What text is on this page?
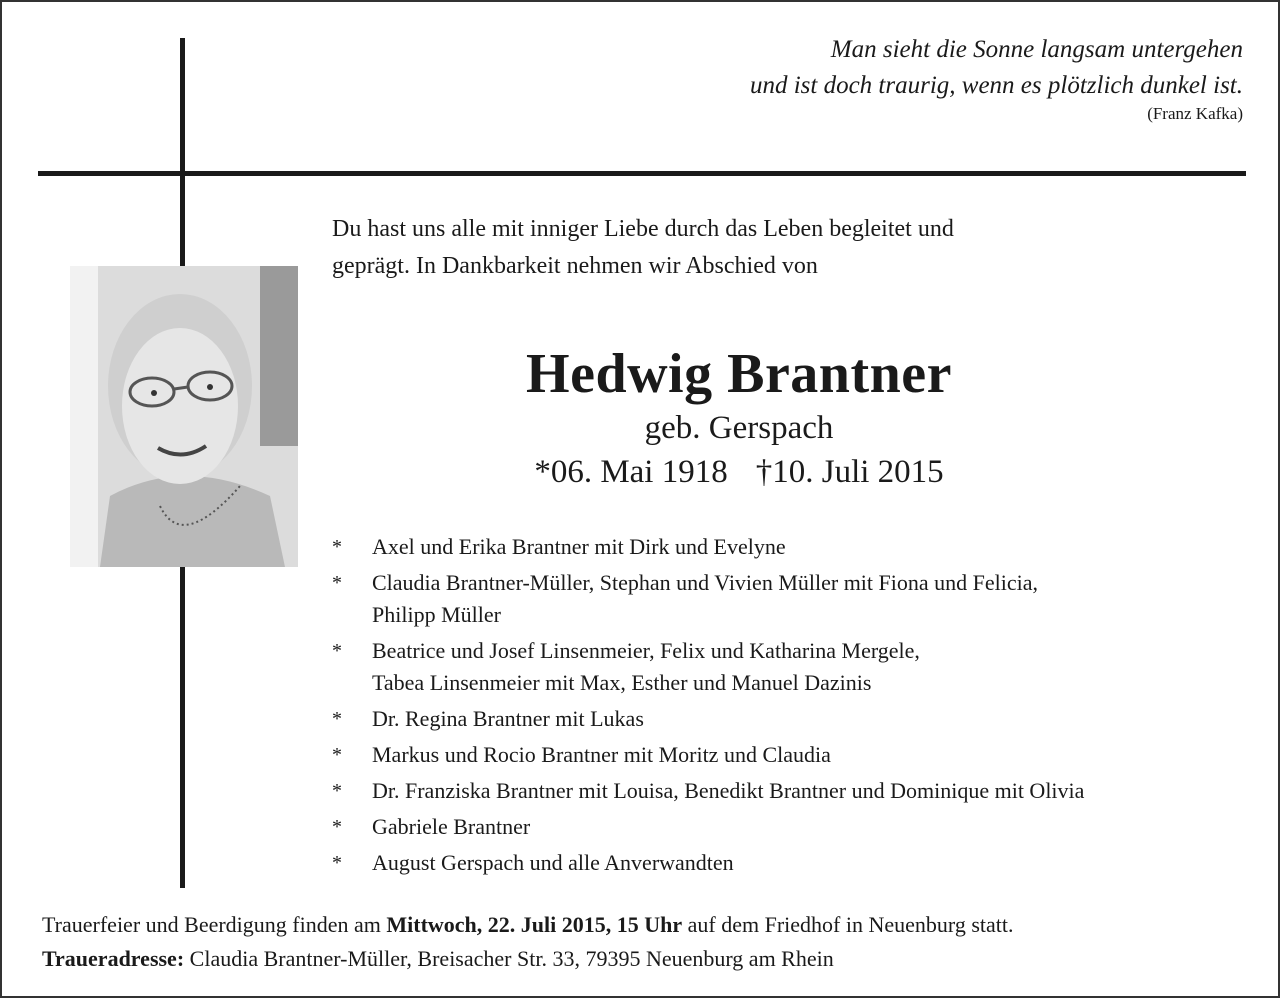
Man sieht die Sonne langsam untergehen
und ist doch traurig, wenn es plötzlich dunkel ist.
(Franz Kafka)
Du hast uns alle mit inniger Liebe durch das Leben begleitet und
geprägt. In Dankbarkeit nehmen wir Abschied von
Hedwig Brantner
geb. Gerspach
*06. Mai 1918 †10. Juli 2015
* Axel und Erika Brantner mit Dirk und Evelyne
* Claudia Brantner-Müller, Stephan und Vivien Müller mit Fiona und Felicia,
Philipp Müller
* Beatrice und Josef Linsenmeier, Felix und Katharina Mergele,
Tabea Linsenmeier mit Max, Esther und Manuel Dazinis
* Dr. Regina Brantner mit Lukas
* Markus und Rocio Brantner mit Moritz und Claudia
* Dr. Franziska Brantner mit Louisa, Benedikt Brantner und Dominique mit Olivia
* Gabriele Brantner
* August Gerspach und alle Anverwandten
Trauerfeier und Beerdigung finden am Mittwoch, 22. Juli 2015, 15 Uhr auf dem Friedhof in Neuenburg statt.
Traueradresse: Claudia Brantner-Müller, Breisacher Str. 33, 79395 Neuenburg am Rhein
